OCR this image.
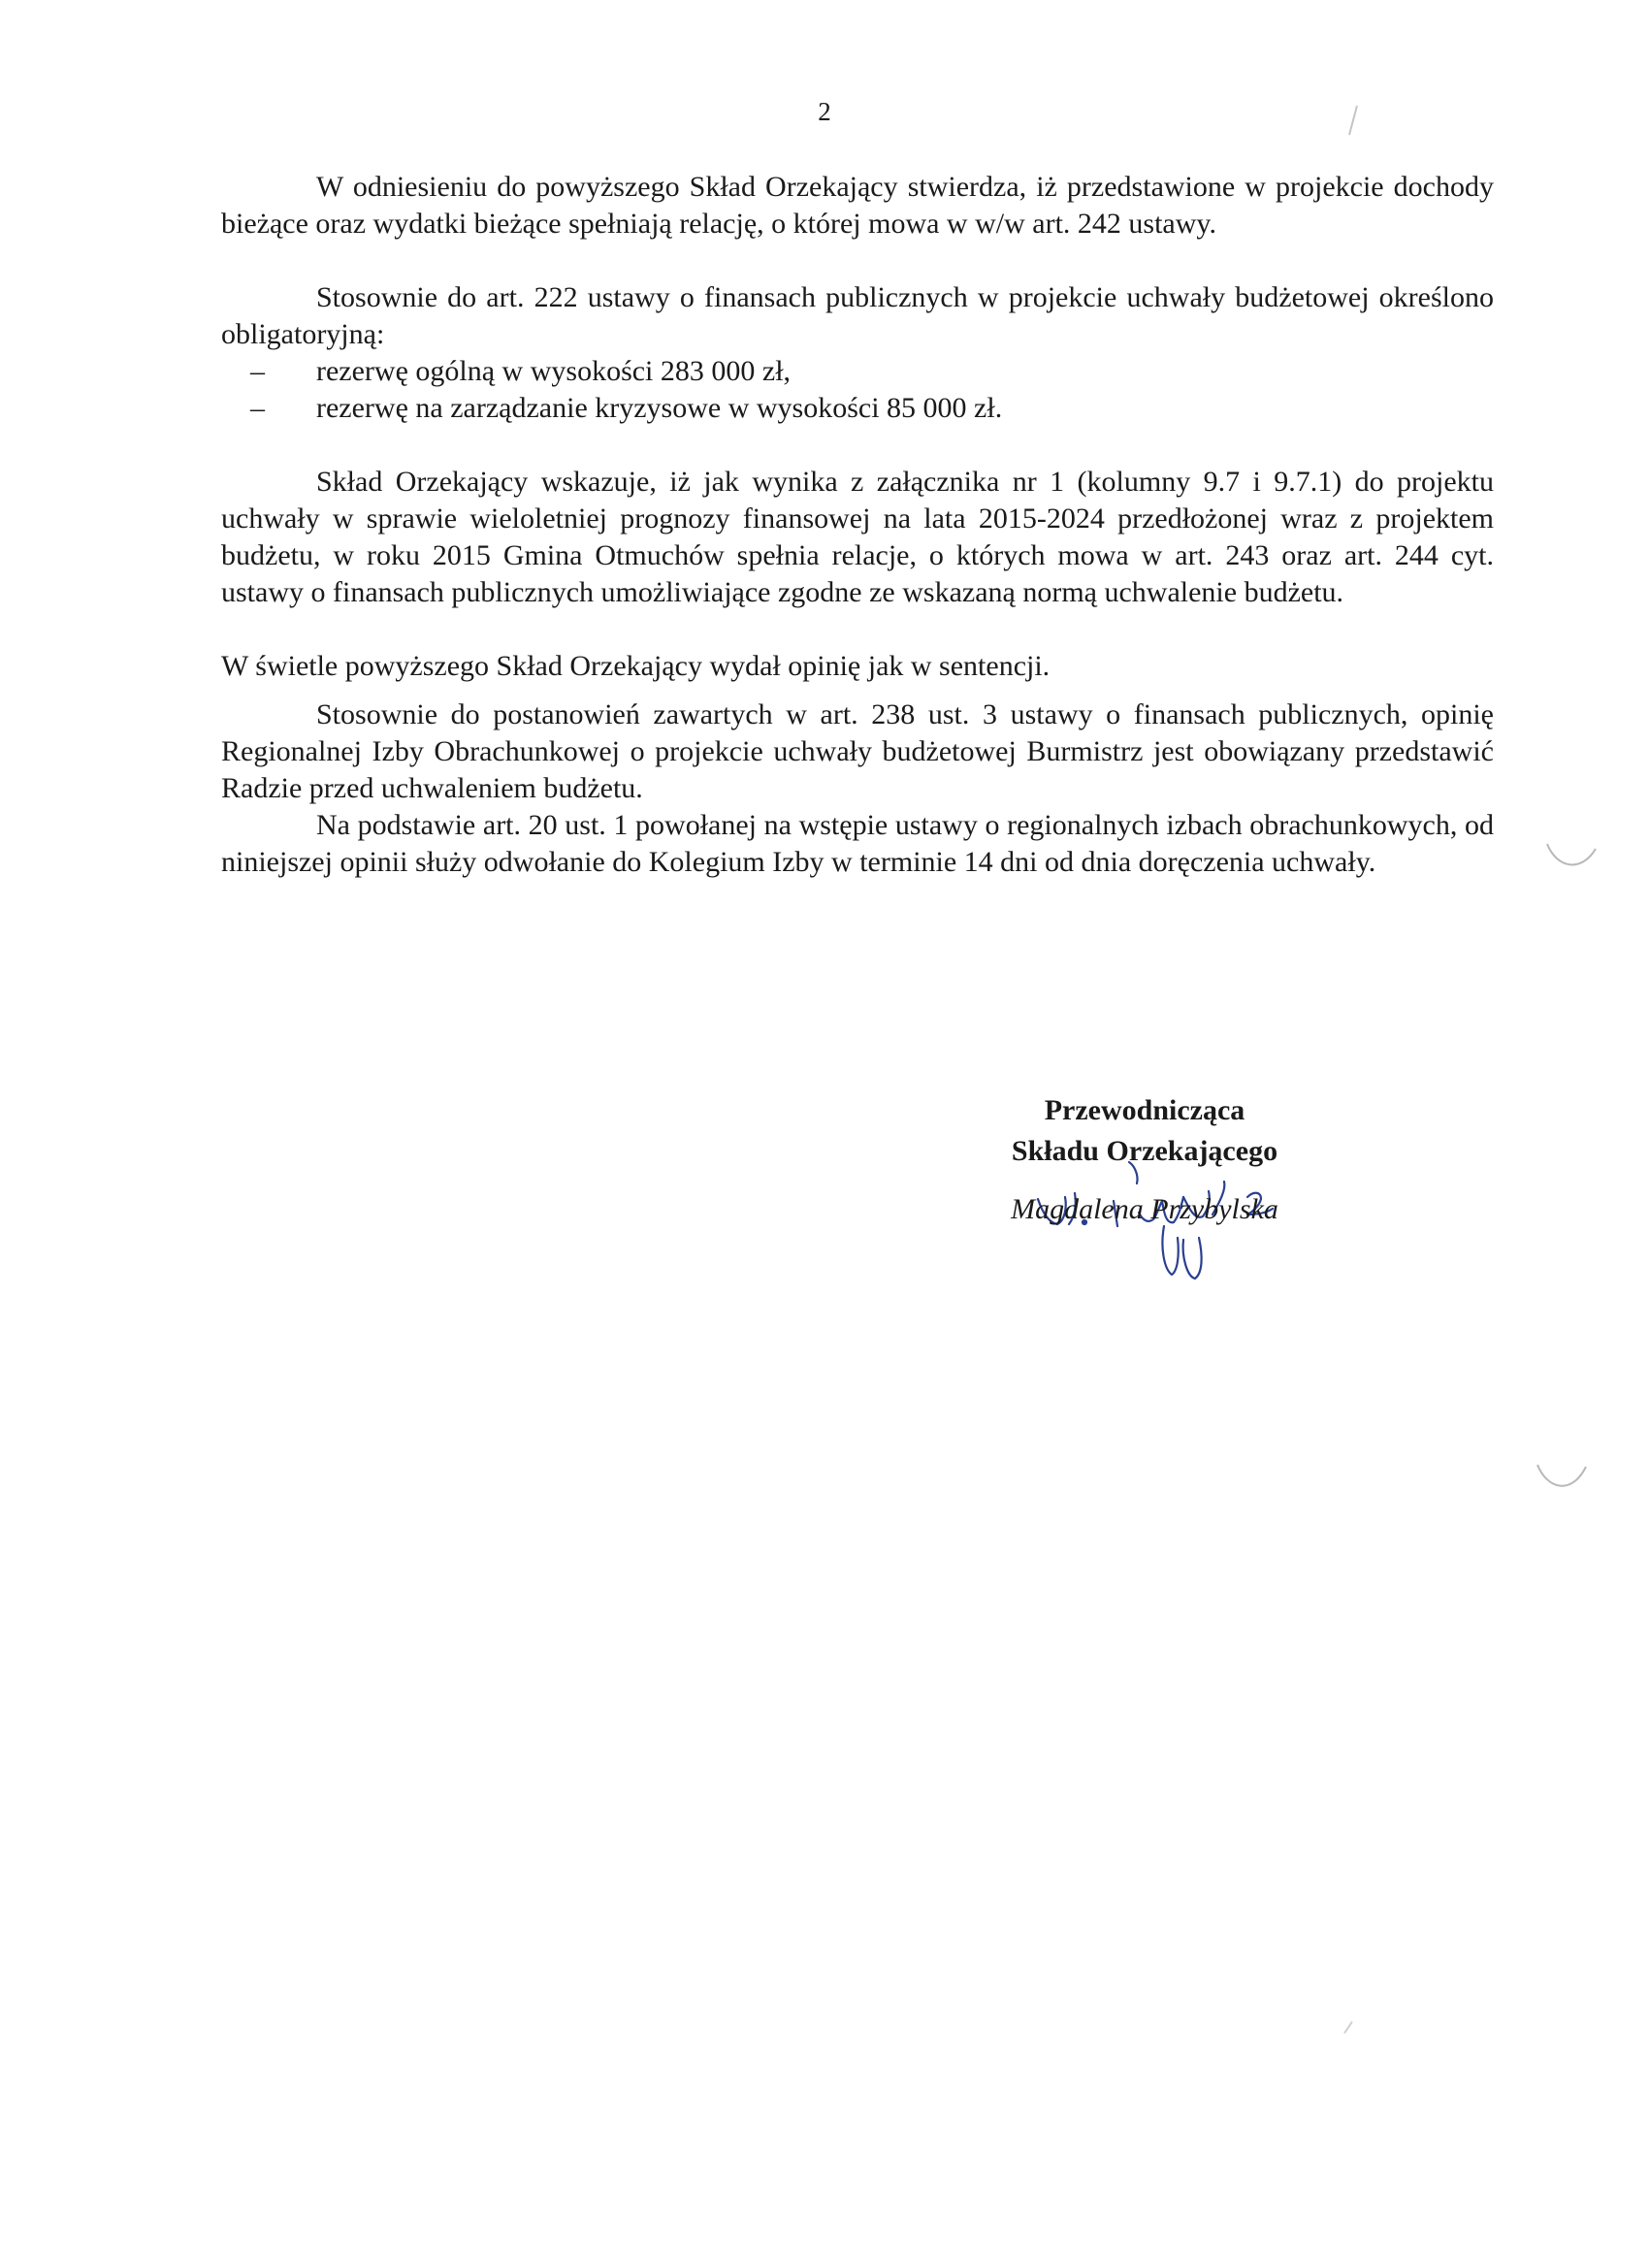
2

W odniesieniu do powyższego Skład Orzekający stwierdza, iż przedstawione w projekcie dochody bieżące oraz wydatki bieżące spełniają relację, o której mowa w w/w art. 242 ustawy.

Stosownie do art. 222 ustawy o finansach publicznych w projekcie uchwały budżetowej określono obligatoryjną:

– rezerwę ogólną w wysokości 283 000 zł,
– rezerwę na zarządzanie kryzysowe w wysokości 85 000 zł.

Skład Orzekający wskazuje, iż jak wynika z załącznika nr 1 (kolumny 9.7 i 9.7.1) do projektu uchwały w sprawie wieloletniej prognozy finansowej na lata 2015-2024 przedłożonej wraz z projektem budżetu, w roku 2015 Gmina Otmuchów spełnia relacje, o których mowa w art. 243 oraz art. 244 cyt. ustawy o finansach publicznych umożliwiające zgodne ze wskazaną normą uchwalenie budżetu.

W świetle powyższego Skład Orzekający wydał opinię jak w sentencji.

Stosownie do postanowień zawartych w art. 238 ust. 3 ustawy o finansach publicznych, opinię Regionalnej Izby Obrachunkowej o projekcie uchwały budżetowej Burmistrz jest obowiązany przedstawić Radzie przed uchwaleniem budżetu.

Na podstawie art. 20 ust. 1 powołanej na wstępie ustawy o regionalnych izbach obrachunkowych, od niniejszej opinii służy odwołanie do Kolegium Izby w terminie 14 dni od dnia doręczenia uchwały.

Przewodnicząca
Składu Orzekającego
Magdalena Przybylska
